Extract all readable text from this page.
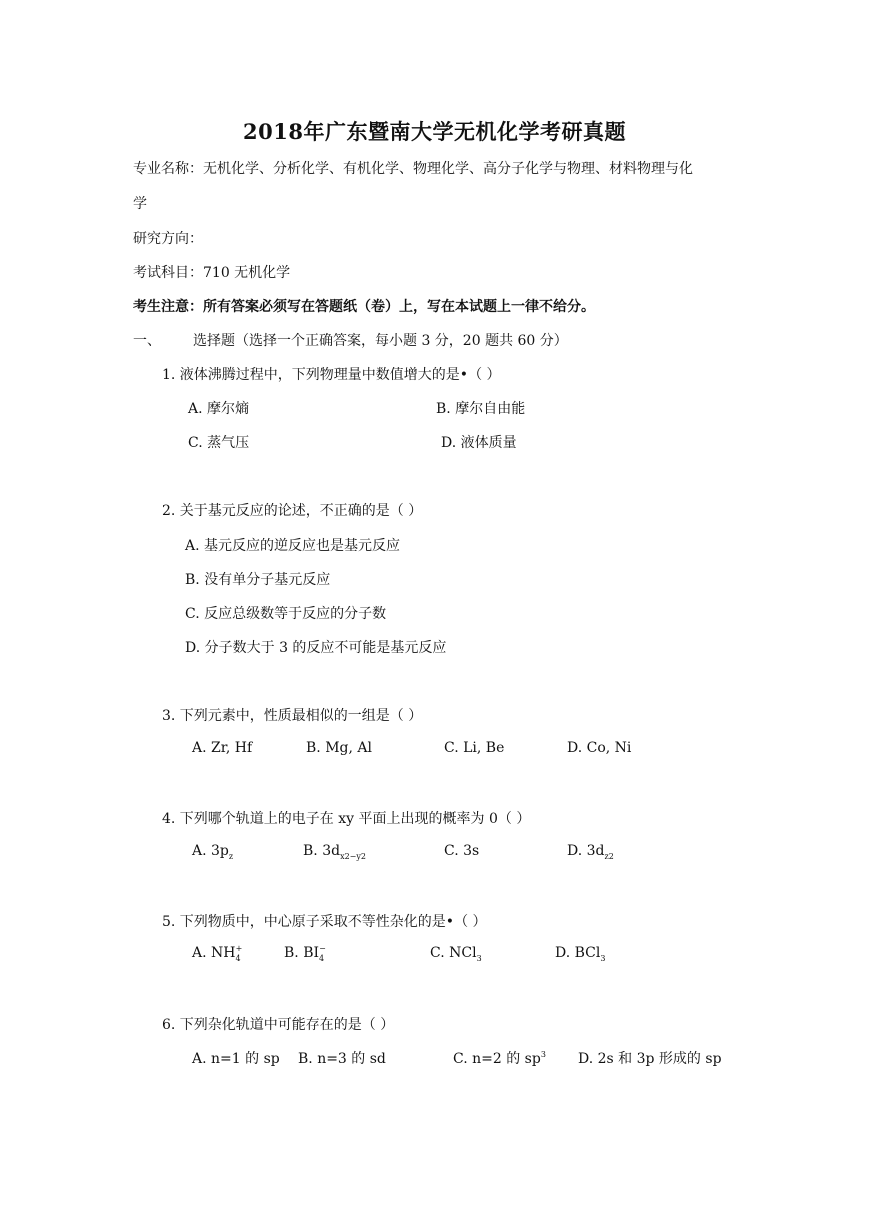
2018年广东暨南大学无机化学考研真题
专业名称：无机化学、分析化学、有机化学、物理化学、高分子化学与物理、材料物理与化
学
研究方向：
考试科目：710 无机化学
考生注意：所有答案必须写在答题纸（卷）上，写在本试题上一律不给分。
一、 选择题（选择一个正确答案，每小题 3 分，20 题共 60 分）
1. 液体沸腾过程中，下列物理量中数值增大的是•（ ）
A. 摩尔熵	B. 摩尔自由能
C. 蒸气压	D. 液体质量
2. 关于基元反应的论述，不正确的是（ ）
A. 基元反应的逆反应也是基元反应
B. 没有单分子基元反应
C. 反应总级数等于反应的分子数
D. 分子数大于 3 的反应不可能是基元反应
3. 下列元素中，性质最相似的一组是（ ）
A. Zr, Hf	B. Mg, Al	C. Li, Be	D. Co, Ni
4. 下列哪个轨道上的电子在 xy 平面上出现的概率为 0（ ）
A. $3p_z$	B. $3d_{x2-y2}$	C. 3s	D. $3d_{z2}$
5. 下列物质中，中心原子采取不等性杂化的是•（ ）
A. $NH_4^+$	B. $BI_4^-$	C. NCl$_3$	D. BCl$_3$
6. 下列杂化轨道中可能存在的是（ ）
A. n=1 的 sp B. n=3 的 sd	C. n=2 的 $sp^3$ D. 2s 和 3p 形成的 sp
